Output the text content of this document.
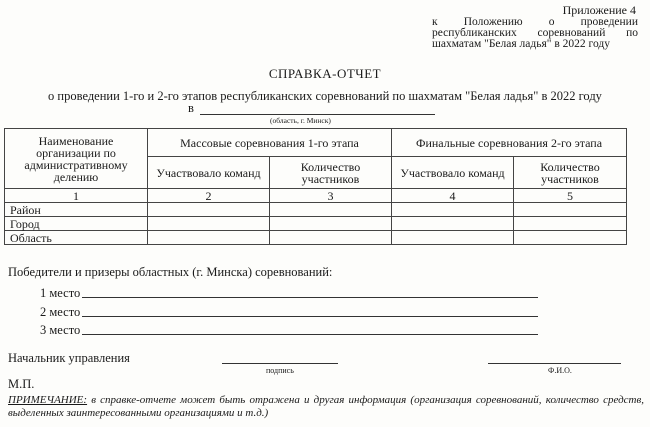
Приложение 4
к Положению о проведении
республиканских соревнований по
шахматам "Белая ладья" в 2022 году
СПРАВКА-ОТЧЕТ
о проведении 1-го и 2-го этапов республиканских соревнований по шахматам "Белая ладья" в 2022 году
в
(область, г. Минск)
Наименование организации по административному делению	Массовые соревнования 1-го этапа		Финальные соревнования 2-го этапа	
	Участвовало команд	Количество участников	Участвовало команд	Количество участников
1	2	3	4	5
Район				
Город				
Область				
Победители и призеры областных (г. Минска) соревнований:
1 место
2 место
3 место
Начальник управления
подпись	Ф.И.О.
М.П.
ПРИМЕЧАНИЕ: в справке-отчете может быть отражена и другая информация (организация соревнований, количество средств, выделенных заинтересованными организациями и т.д.)
